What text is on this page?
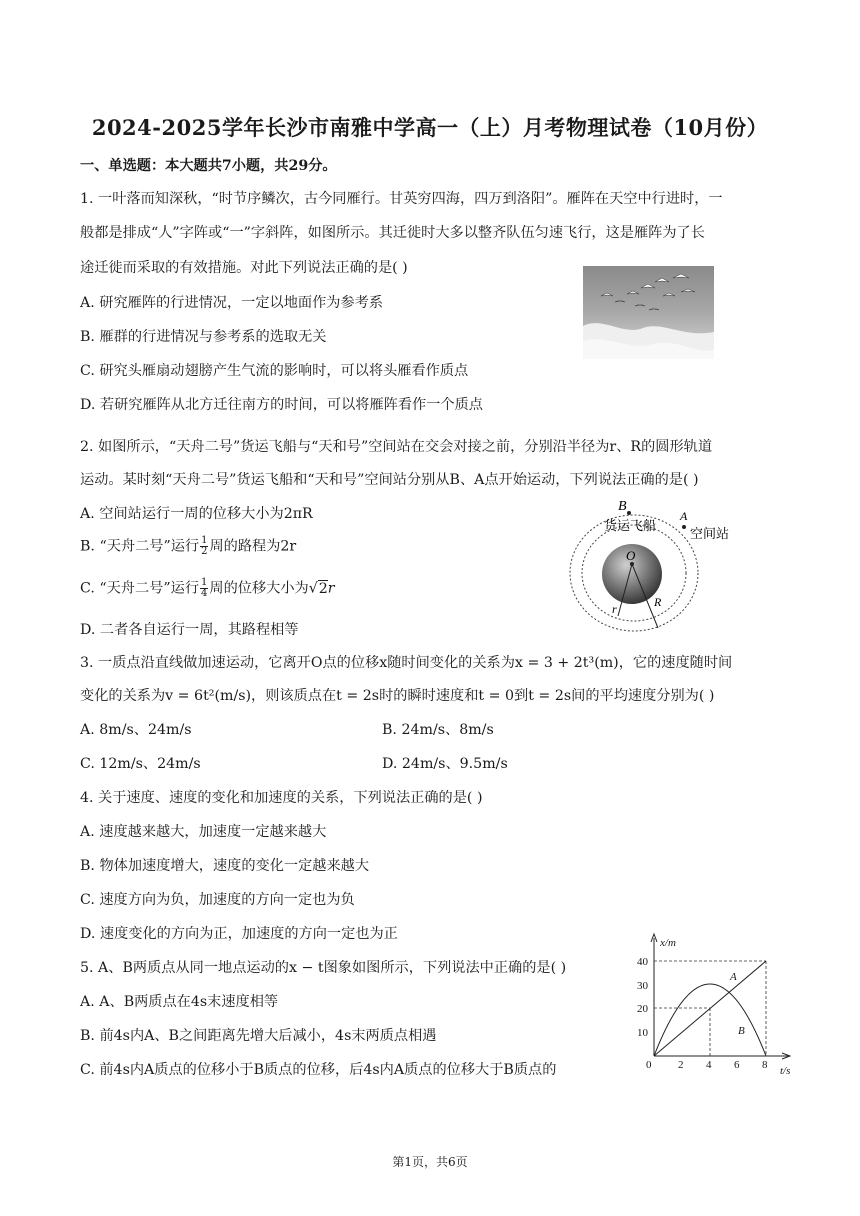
2024-2025学年长沙市南雅中学高一（上）月考物理试卷（10月份）
一、单选题：本大题共7小题，共29分。
1. 一叶落而知深秋，“时节序鳞次，古今同雁行。甘英穷四海，四万到洛阳”。雁阵在天空中行进时，一
般都是排成“人”字阵或“一”字斜阵，如图所示。其迁徙时大多以整齐队伍匀速飞行，这是雁阵为了长
途迁徙而采取的有效措施。对此下列说法正确的是( )
A. 研究雁阵的行进情况，一定以地面作为参考系
B. 雁群的行进情况与参考系的选取无关
C. 研究头雁扇动翅膀产生气流的影响时，可以将头雁看作质点
D. 若研究雁阵从北方迁往南方的时间，可以将雁阵看作一个质点
2. 如图所示，“天舟二号”货运飞船与“天和号”空间站在交会对接之前，分别沿半径为r、R的圆形轨道
运动。某时刻“天舟二号”货运飞船和“天和号”空间站分别从B、A点开始运动，下列说法正确的是( )
A. 空间站运行一周的位移大小为2πR
B. “天舟二号”运行 $\frac{1}{2}$ 周的路程为2r
C. “天舟二号”运行 $\frac{1}{4}$ 周的位移大小为√2r
D. 二者各自运行一周，其路程相等
B
A
货运飞船
空间站
O
r	R
3. 一质点沿直线做加速运动，它离开O点的位移x随时间变化的关系为x = 3 + 2t³(m)，它的速度随时间
变化的关系为v = 6t²(m/s)，则该质点在t = 2s时的瞬时速度和t = 0到t = 2s间的平均速度分别为( )
A. 8m/s、24m/s	B. 24m/s、8m/s
C. 12m/s、24m/s	D. 24m/s、9.5m/s
4. 关于速度、速度的变化和加速度的关系，下列说法正确的是( )
A. 速度越来越大，加速度一定越来越大
B. 物体加速度增大，速度的变化一定越来越大
C. 速度方向为负，加速度的方向一定也为负
D. 速度变化的方向为正，加速度的方向一定也为正
5. A、B两质点从同一地点运动的x − t图象如图所示，下列说法中正确的是( )
A. A、B两质点在4s末速度相等
B. 前4s内A、B之间距离先增大后减小，4s末两质点相遇
C. 前4s内A质点的位移小于B质点的位移，后4s内A质点的位移大于B质点的
x/m
t/s
40
30
20
10
0 2 4 6 8
A
B
第1页，共6页
